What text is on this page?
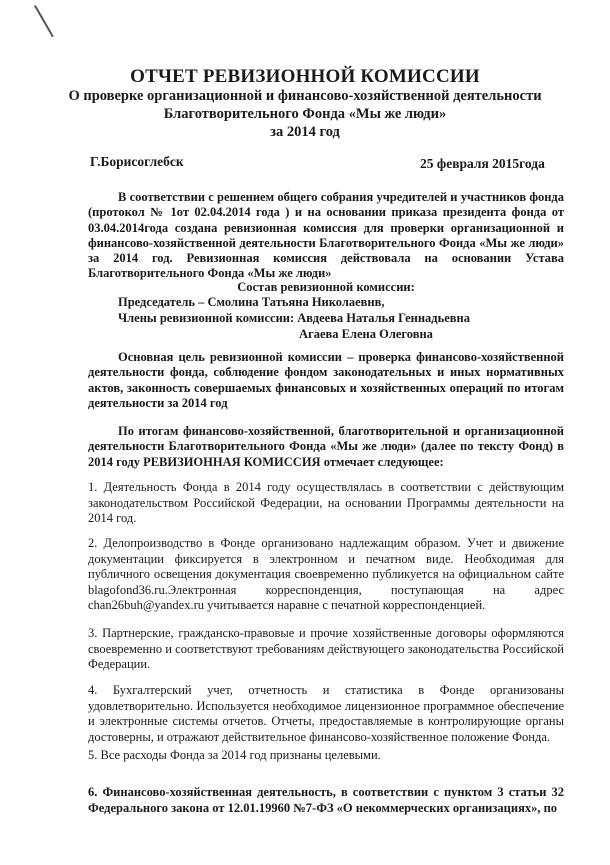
ОТЧЕТ РЕВИЗИОННОЙ КОМИССИИ
О проверке организационной и финансово-хозяйственной деятельности
Благотворительного Фонда «Мы же люди»
за 2014 год
Г.Борисоглебск	25 февраля 2015года
В соответствии с решением общего собрания учредителей и участников фонда (протокол № 1от 02.04.2014 года ) и на основании приказа президента фонда от 03.04.2014года создана ревизионная комиссия для проверки организационной и финансово-хозяйственной деятельности Благотворительного Фонда «Мы же люди» за 2014 год. Ревизионная комиссия действовала на основании Устава Благотворительного Фонда «Мы же люди»
Состав ревизионной комиссии:
Председатель – Смолина Татьяна Николаевнв,
Члены ревизионной комиссии: Авдеева Наталья Геннадьевна
Агаева Елена Олеговна
Основная цель ревизионной комиссии – проверка финансово-хозяйственной деятельности фонда, соблюдение фондом законодательных и иных нормативных актов, законность совершаемых финансовых и хозяйственных операций по итогам деятельности за 2014 год
По итогам финансово-хозяйственной, благотворительной и организационной деятельности Благотворительного Фонда «Мы же люди» (далее по тексту Фонд) в 2014 году РЕВИЗИОННАЯ КОМИССИЯ отмечает следующее:
1. Деятельность Фонда в 2014 году осуществлялась в соответствии с действующим законодательством Российской Федерации, на основании Программы деятельности на 2014 год.
2. Делопроизводство в Фонде организовано надлежащим образом. Учет и движение документации фиксируется в электронном и печатном виде. Необходимая для публичного освещения документация своевременно публикуется на официальном сайте blagofond36.ru.Электронная корреспонденция, поступающая на адрес chan26buh@yandex.ru учитывается наравне с печатной корреспонденцией.
3. Партнерские, гражданско-правовые и прочие хозяйственные договоры оформляются своевременно и соответствуют требованиям действующего законодательства Российской Федерации.
4. Бухгалтерский учет, отчетность и статистика в Фонде организованы удовлетворительно. Используется необходимое лицензионное программное обеспечение и электронные системы отчетов. Отчеты, предоставляемые в контролирующие органы достоверны, и отражают действительное финансово-хозяйственное положение Фонда.
5. Все расходы Фонда за 2014 год признаны целевыми.
6. Финансово-хозяйственная деятельность, в соответствии с пунктом 3 статьи 32 Федерального закона от 12.01.19960 №7-ФЗ «О некоммерческих организациях», по
